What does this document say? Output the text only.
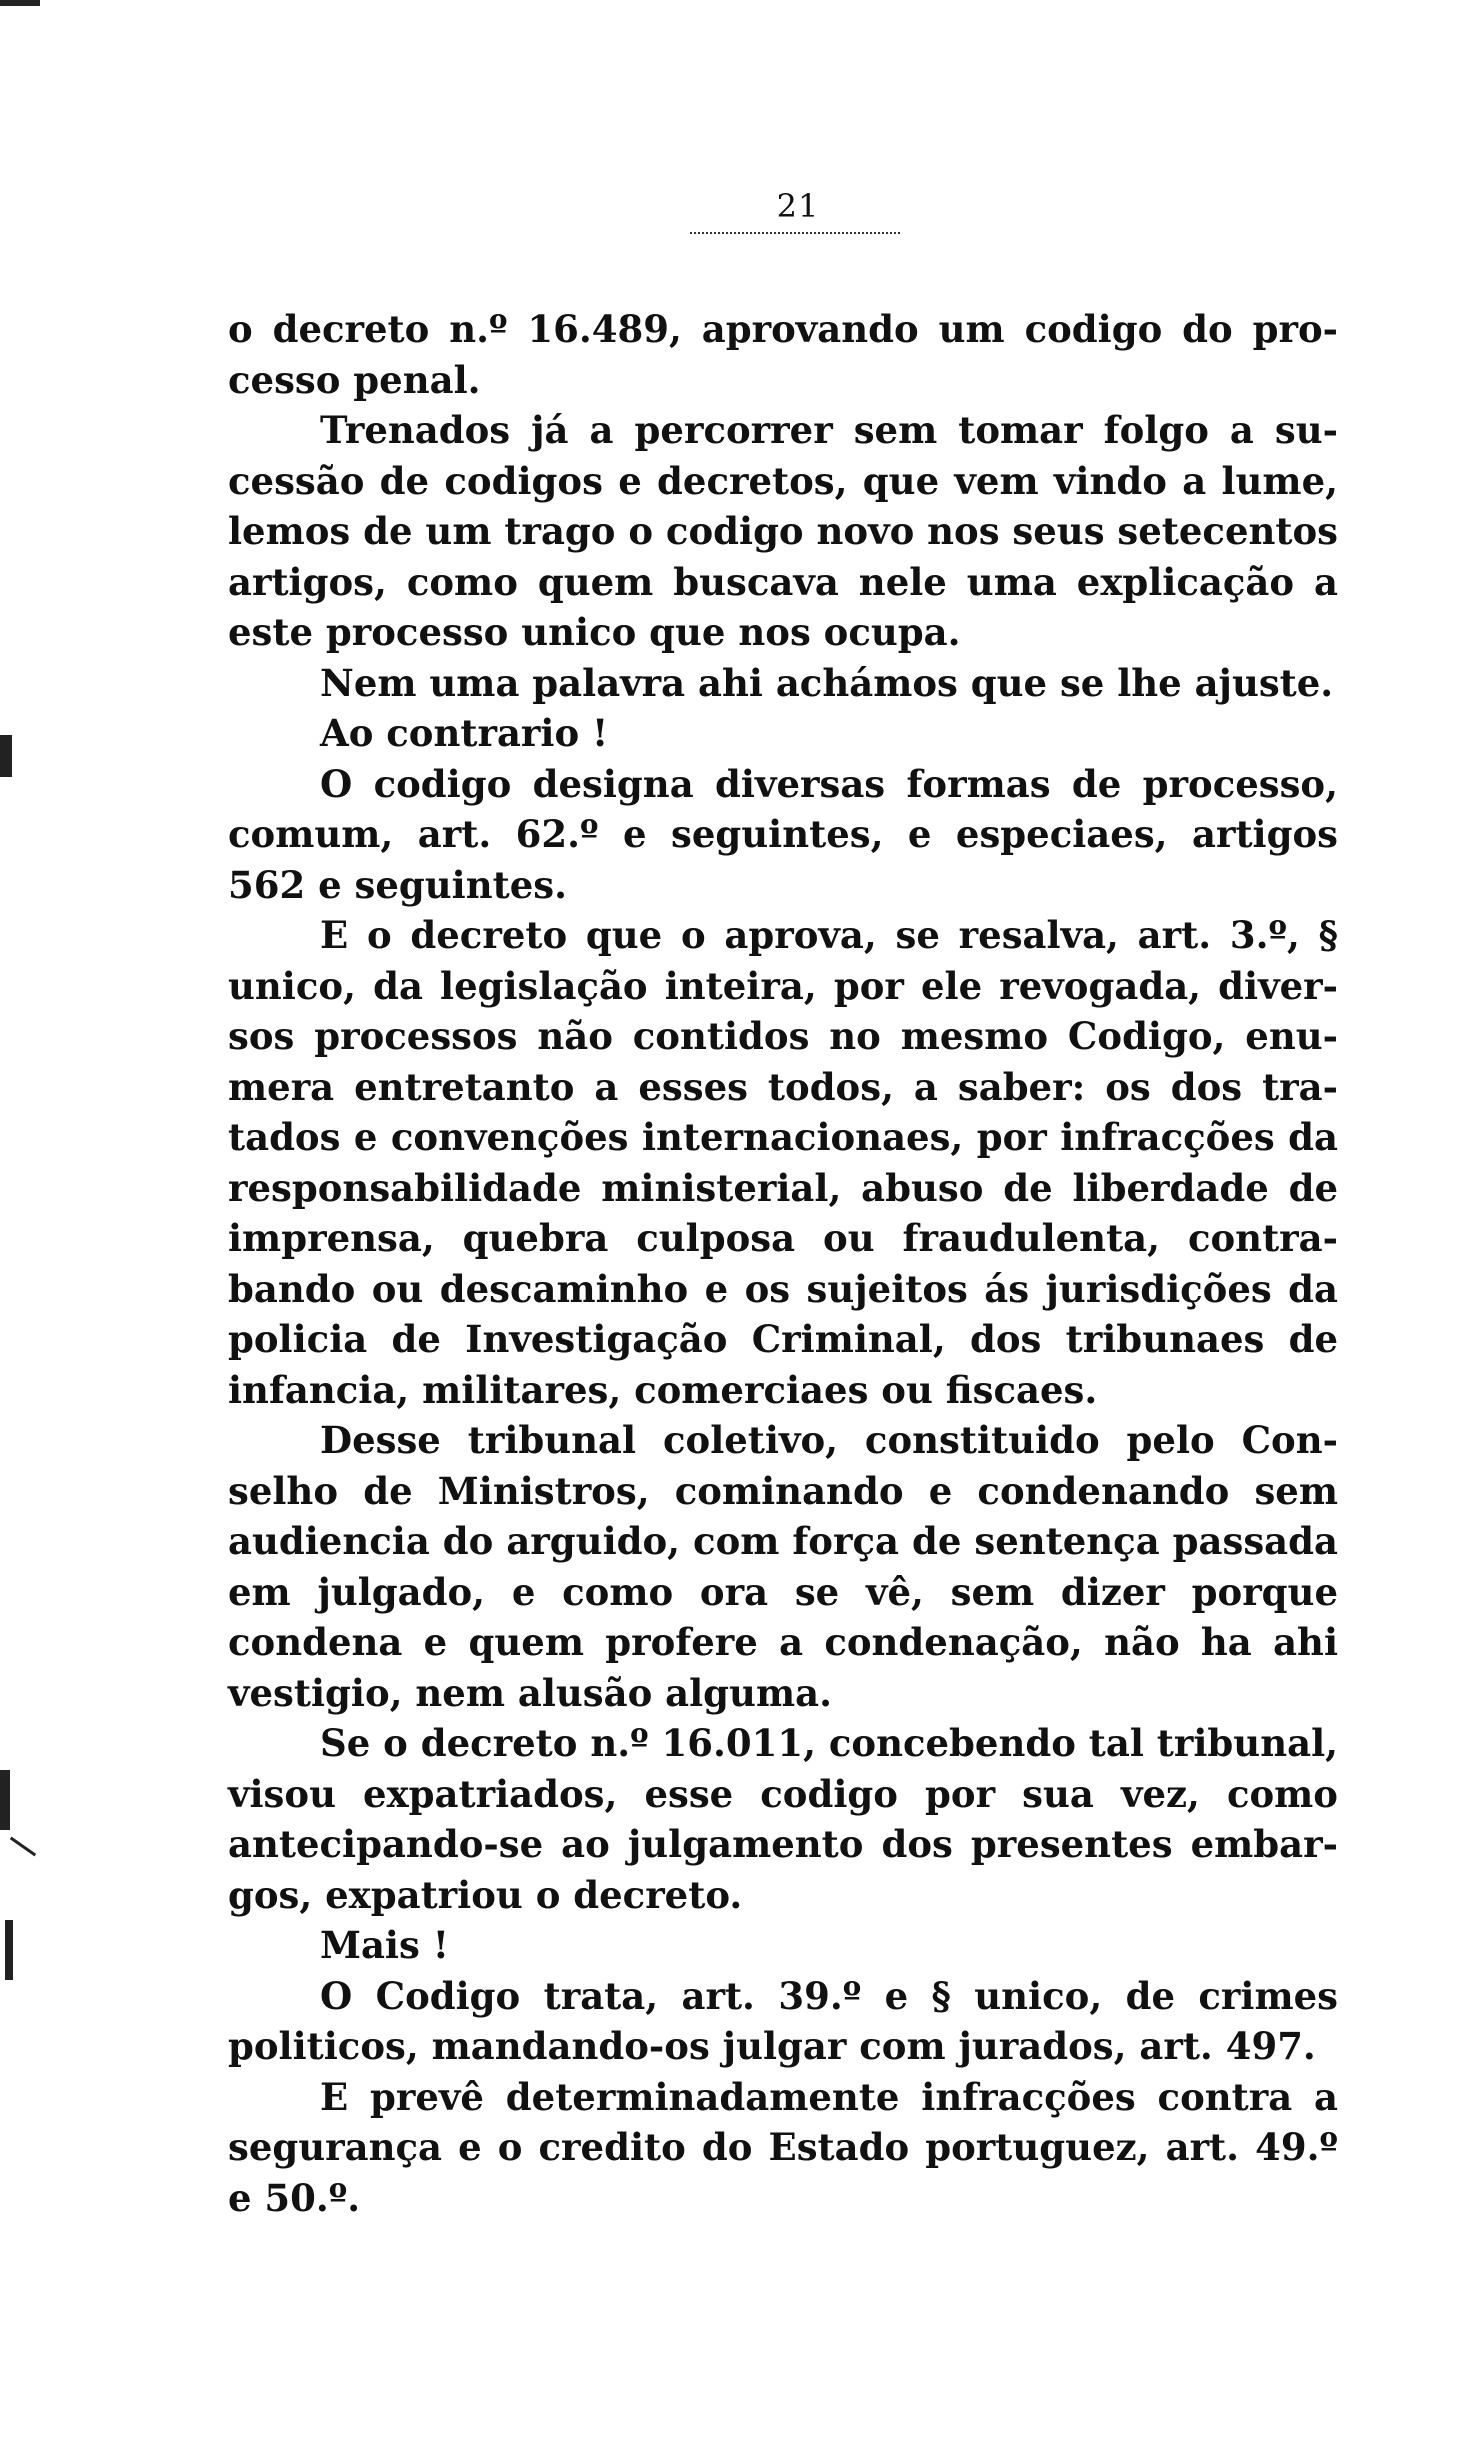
21

o decreto n.º 16.489, aprovando um codigo do processo penal.

Trenados já a percorrer sem tomar folgo a sucessão de codigos e decretos, que vem vindo a lume, lemos de um trago o codigo novo nos seus setecentos artigos, como quem buscava nele uma explicação a este processo unico que nos ocupa.

Nem uma palavra ahi achámos que se lhe ajuste.

Ao contrario !

O codigo designa diversas formas de processo, comum, art. 62.º e seguintes, e especiaes, artigos 562 e seguintes.

E o decreto que o aprova, se resalva, art. 3.º, § unico, da legislação inteira, por ele revogada, diversos processos não contidos no mesmo Codigo, enumera entretanto a esses todos, a saber: os dos tratados e convenções internacionaes, por infracções da responsabilidade ministerial, abuso de liberdade de imprensa, quebra culposa ou fraudulenta, contrabando ou descaminho e os sujeitos ás jurisdições da policia de Investigação Criminal, dos tribunaes de infancia, militares, comerciaes ou fiscaes.

Desse tribunal coletivo, constituido pelo Conselho de Ministros, cominando e condenando sem audiencia do arguido, com força de sentença passada em julgado, e como ora se vê, sem dizer porque condena e quem profere a condenação, não ha ahi vestigio, nem alusão alguma.

Se o decreto n.º 16.011, concebendo tal tribunal, visou expatriados, esse codigo por sua vez, como antecipando-se ao julgamento dos presentes embargos, expatriou o decreto.

Mais !

O Codigo trata, art. 39.º e § unico, de crimes politicos, mandando-os julgar com jurados, art. 497.

E prevê determinadamente infracções contra a segurança e o credito do Estado portuguez, art. 49.º e 50.º.
